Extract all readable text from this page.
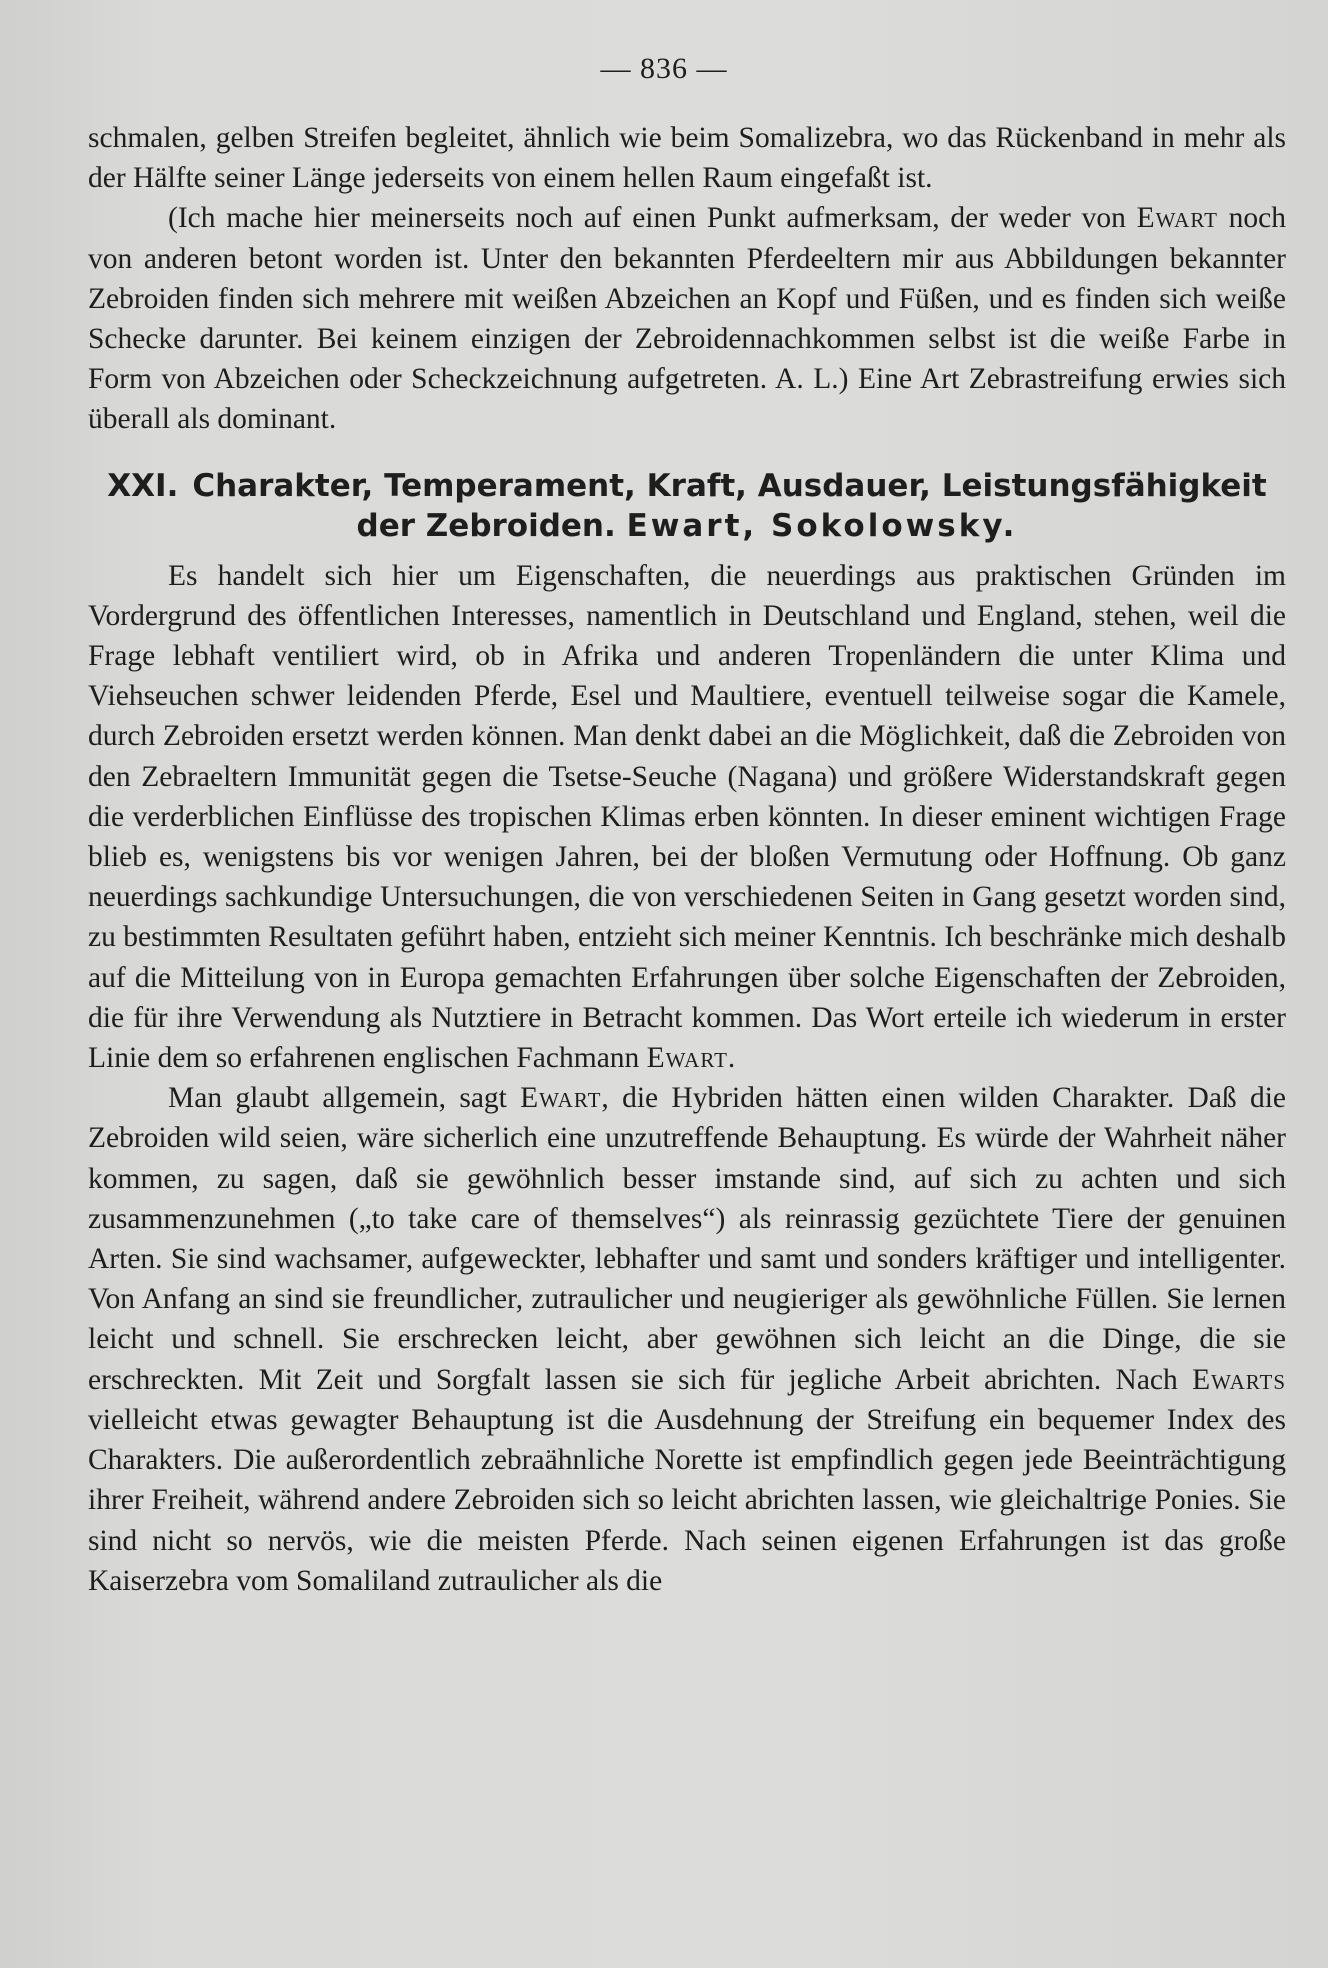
— 836 —

schmalen, gelben Streifen begleitet, ähnlich wie beim Somalizebra, wo das Rückenband in mehr als der Hälfte seiner Länge jederseits von einem hellen Raum eingefaßt ist.

(Ich mache hier meinerseits noch auf einen Punkt aufmerksam, der weder von Ewart noch von anderen betont worden ist. Unter den bekannten Pferdeeltern mir aus Abbildungen bekannter Zebroiden finden sich mehrere mit weißen Abzeichen an Kopf und Füßen, und es finden sich weiße Schecke darunter. Bei keinem einzigen der Zebroidennachkommen selbst ist die weiße Farbe in Form von Abzeichen oder Scheckzeichnung aufgetreten. A. L.) Eine Art Zebrastreifung erwies sich überall als dominant.

XXI. Charakter, Temperament, Kraft, Ausdauer, Leistungsfähigkeit der Zebroiden. Ewart, Sokolowsky.

Es handelt sich hier um Eigenschaften, die neuerdings aus praktischen Gründen im Vordergrund des öffentlichen Interesses, namentlich in Deutschland und England, stehen, weil die Frage lebhaft ventiliert wird, ob in Afrika und anderen Tropenländern die unter Klima und Viehseuchen schwer leidenden Pferde, Esel und Maultiere, eventuell teilweise sogar die Kamele, durch Zebroiden ersetzt werden können. Man denkt dabei an die Möglichkeit, daß die Zebroiden von den Zebraeltern Immunität gegen die Tsetse-Seuche (Nagana) und größere Widerstandskraft gegen die verderblichen Einflüsse des tropischen Klimas erben könnten. In dieser eminent wichtigen Frage blieb es, wenigstens bis vor wenigen Jahren, bei der bloßen Vermutung oder Hoffnung. Ob ganz neuerdings sachkundige Untersuchungen, die von verschiedenen Seiten in Gang gesetzt worden sind, zu bestimmten Resultaten geführt haben, entzieht sich meiner Kenntnis. Ich beschränke mich deshalb auf die Mitteilung von in Europa gemachten Erfahrungen über solche Eigenschaften der Zebroiden, die für ihre Verwendung als Nutztiere in Betracht kommen. Das Wort erteile ich wiederum in erster Linie dem so erfahrenen englischen Fachmann Ewart.

Man glaubt allgemein, sagt Ewart, die Hybriden hätten einen wilden Charakter. Daß die Zebroiden wild seien, wäre sicherlich eine unzutreffende Behauptung. Es würde der Wahrheit näher kommen, zu sagen, daß sie gewöhnlich besser imstande sind, auf sich zu achten und sich zusammenzunehmen („to take care of themselves“) als reinrassig gezüchtete Tiere der genuinen Arten. Sie sind wachsamer, aufgeweckter, lebhafter und samt und sonders kräftiger und intelligenter. Von Anfang an sind sie freundlicher, zutraulicher und neugieriger als gewöhnliche Füllen. Sie lernen leicht und schnell. Sie erschrecken leicht, aber gewöhnen sich leicht an die Dinge, die sie erschreckten. Mit Zeit und Sorgfalt lassen sie sich für jegliche Arbeit abrichten. Nach Ewarts vielleicht etwas gewagter Behauptung ist die Ausdehnung der Streifung ein bequemer Index des Charakters. Die außerordentlich zebraähnliche Norette ist empfindlich gegen jede Beeinträchtigung ihrer Freiheit, während andere Zebroiden sich so leicht abrichten lassen, wie gleichaltrige Ponies. Sie sind nicht so nervös, wie die meisten Pferde. Nach seinen eigenen Erfahrungen ist das große Kaiserzebra vom Somaliland zutraulicher als die
